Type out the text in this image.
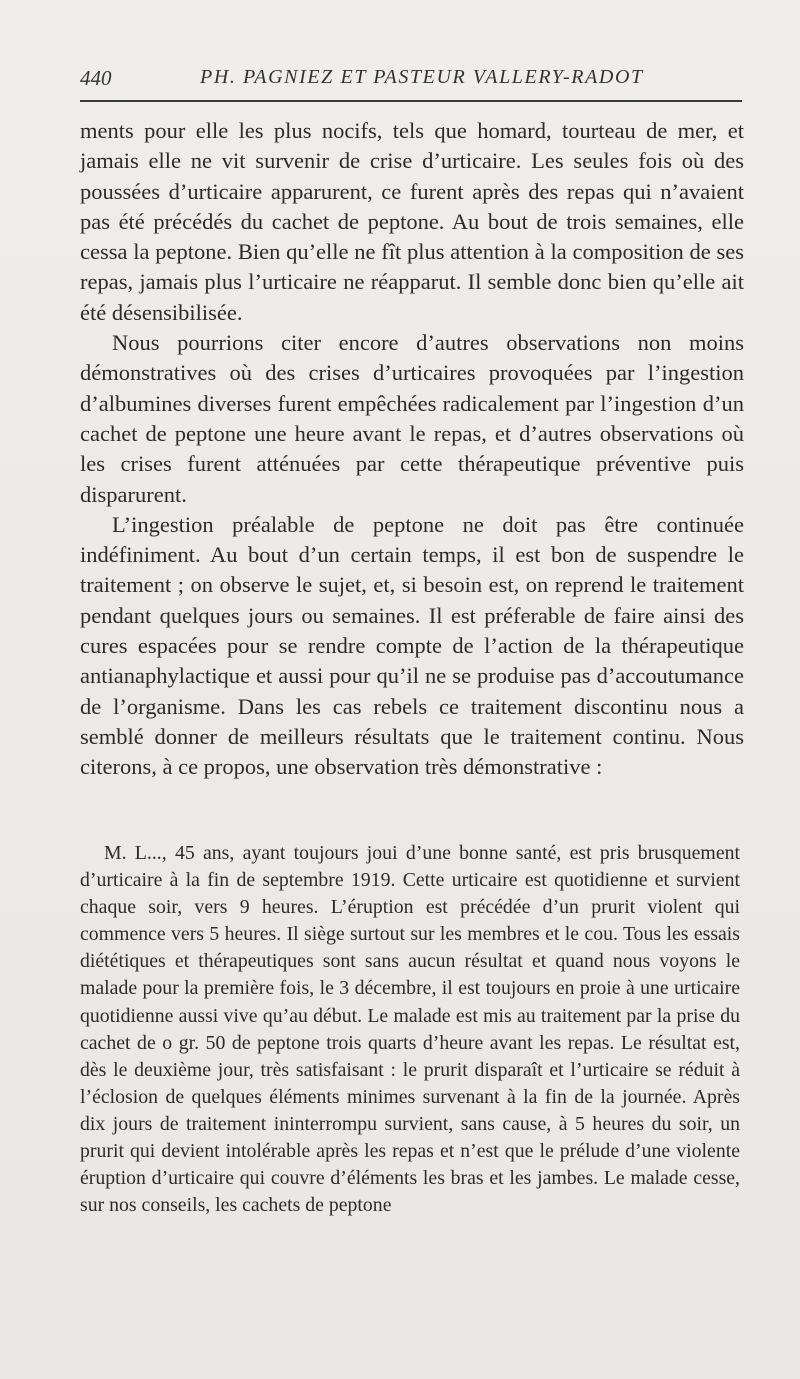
440	PH. PAGNIEZ ET PASTEUR VALLERY-RADOT

ments pour elle les plus nocifs, tels que homard, tourteau de mer, et jamais elle ne vit survenir de crise d’urticaire. Les seules fois où des poussées d’urticaire apparurent, ce furent après des repas qui n’avaient pas été précédés du cachet de peptone. Au bout de trois semaines, elle cessa la peptone. Bien qu’elle ne fît plus attention à la composition de ses repas, jamais plus l’urticaire ne réapparut. Il semble donc bien qu’elle ait été désensibilisée.

Nous pourrions citer encore d’autres observations non moins démonstratives où des crises d’urticaires provoquées par l’ingestion d’albumines diverses furent empêchées radicalement par l’ingestion d’un cachet de peptone une heure avant le repas, et d’autres observations où les crises furent atténuées par cette thérapeutique préventive puis disparurent.

L’ingestion préalable de peptone ne doit pas être continuée indéfiniment. Au bout d’un certain temps, il est bon de suspendre le traitement ; on observe le sujet, et, si besoin est, on reprend le traitement pendant quelques jours ou semaines. Il est préferable de faire ainsi des cures espacées pour se rendre compte de l’action de la thérapeutique antianaphylactique et aussi pour qu’il ne se produise pas d’accoutumance de l’organisme. Dans les cas rebels ce traitement discontinu nous a semblé donner de meilleurs résultats que le traitement continu. Nous citerons, à ce propos, une observation très démonstrative :

M. L..., 45 ans, ayant toujours joui d’une bonne santé, est pris brusquement d’urticaire à la fin de septembre 1919. Cette urticaire est quotidienne et survient chaque soir, vers 9 heures. L’éruption est précédée d’un prurit violent qui commence vers 5 heures. Il siège surtout sur les membres et le cou. Tous les essais diététiques et thérapeutiques sont sans aucun résultat et quand nous voyons le malade pour la première fois, le 3 décembre, il est toujours en proie à une urticaire quotidienne aussi vive qu’au début. Le malade est mis au traitement par la prise du cachet de o gr. 50 de peptone trois quarts d’heure avant les repas. Le résultat est, dès le deuxième jour, très satisfaisant : le prurit disparaît et l’urticaire se réduit à l’éclosion de quelques éléments minimes survenant à la fin de la journée. Après dix jours de traitement ininterrompu survient, sans cause, à 5 heures du soir, un prurit qui devient intolérable après les repas et n’est que le prélude d’une violente éruption d’urticaire qui couvre d’éléments les bras et les jambes. Le malade cesse, sur nos conseils, les cachets de peptone
